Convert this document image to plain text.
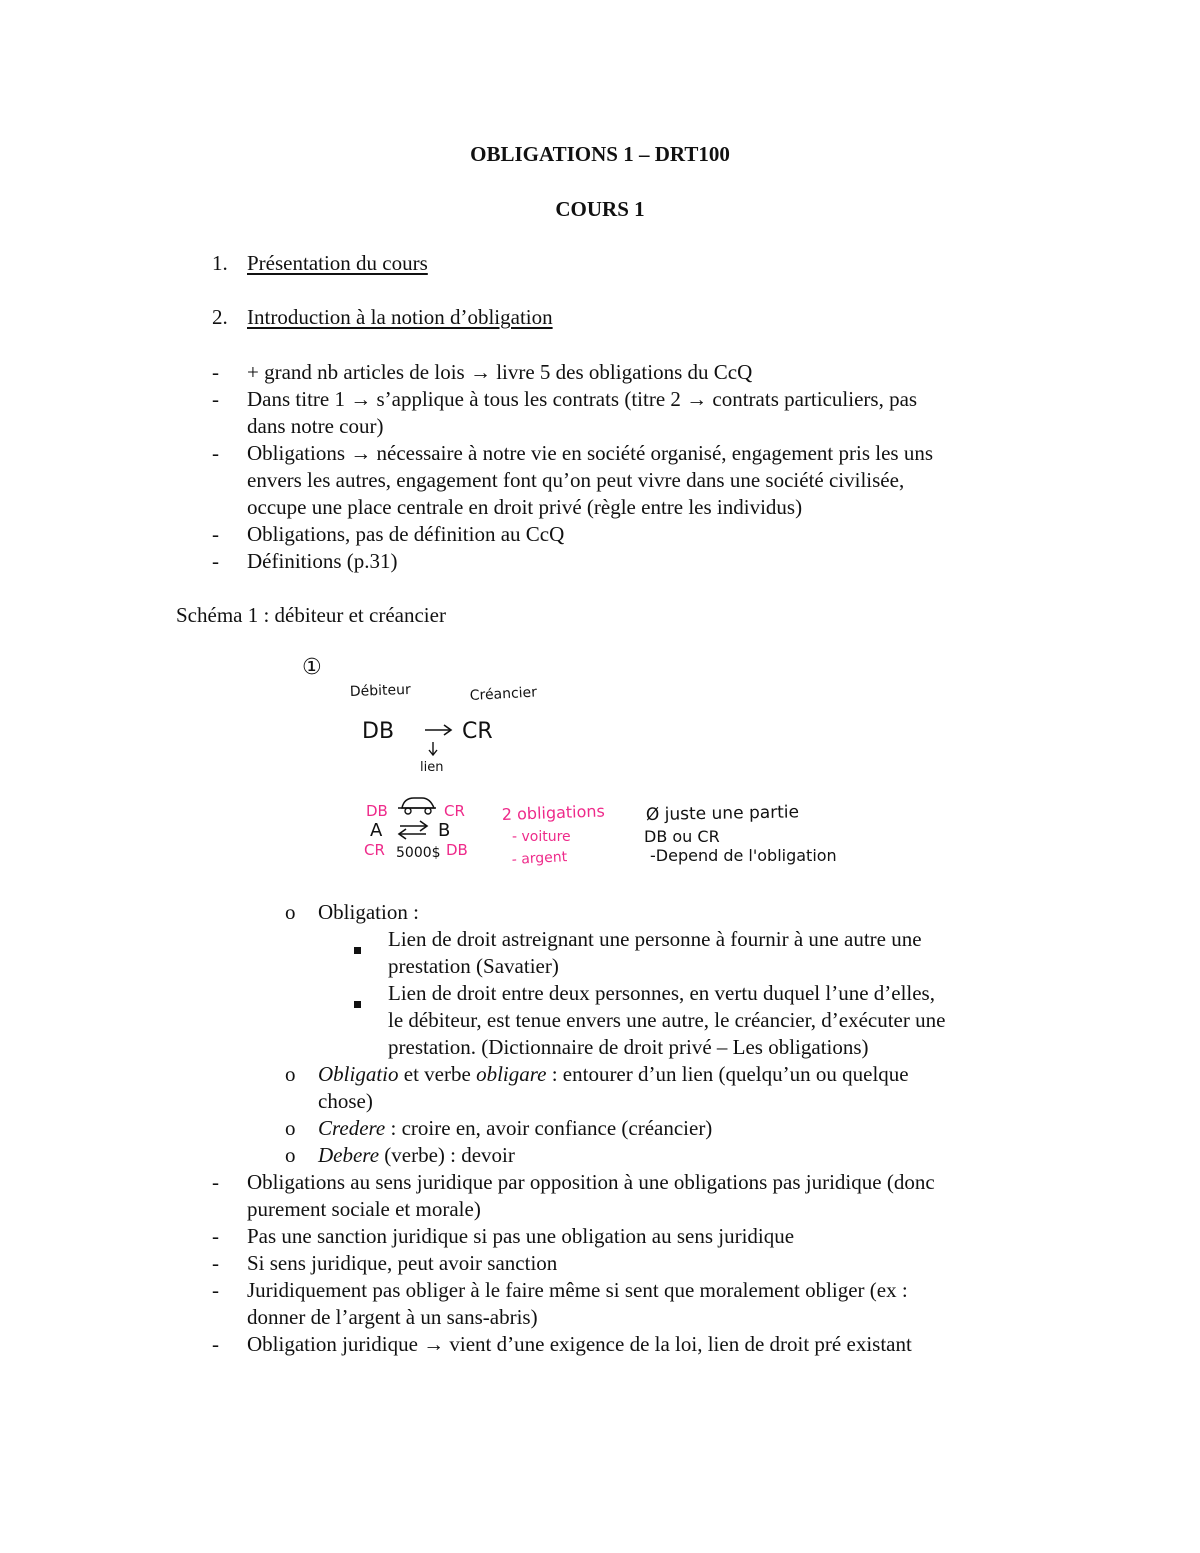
OBLIGATIONS 1 – DRT100
COURS 1
1. Présentation du cours
2. Introduction à la notion d’obligation
- + grand nb articles de lois → livre 5 des obligations du CcQ
- Dans titre 1 → s’applique à tous les contrats (titre 2 → contrats particuliers, pas
dans notre cour)
- Obligations → nécessaire à notre vie en société organisé, engagement pris les uns
envers les autres, engagement font qu’on peut vivre dans une société civilisée,
occupe une place centrale en droit privé (règle entre les individus)
- Obligations, pas de définition au CcQ
- Définitions (p.31)
Schéma 1 : débiteur et créancier
①
Débiteur	Créancier
DB	CR
lien
DB	CR
A	B
CR 5000$ DB
2 obligations
- voiture
- argent
Ø juste une partie
DB ou CR
-Depend de l'obligation
o Obligation :
Lien de droit astreignant une personne à fournir à une autre une
prestation (Savatier)
Lien de droit entre deux personnes, en vertu duquel l’une d’elles,
le débiteur, est tenue envers une autre, le créancier, d’exécuter une
prestation. (Dictionnaire de droit privé – Les obligations)
o Obligatio et verbe obligare : entourer d’un lien (quelqu’un ou quelque
chose)
o Credere : croire en, avoir confiance (créancier)
o Debere (verbe) : devoir
- Obligations au sens juridique par opposition à une obligations pas juridique (donc
purement sociale et morale)
- Pas une sanction juridique si pas une obligation au sens juridique
- Si sens juridique, peut avoir sanction
- Juridiquement pas obliger à le faire même si sent que moralement obliger (ex :
donner de l’argent à un sans-abris)
- Obligation juridique → vient d’une exigence de la loi, lien de droit pré existant
